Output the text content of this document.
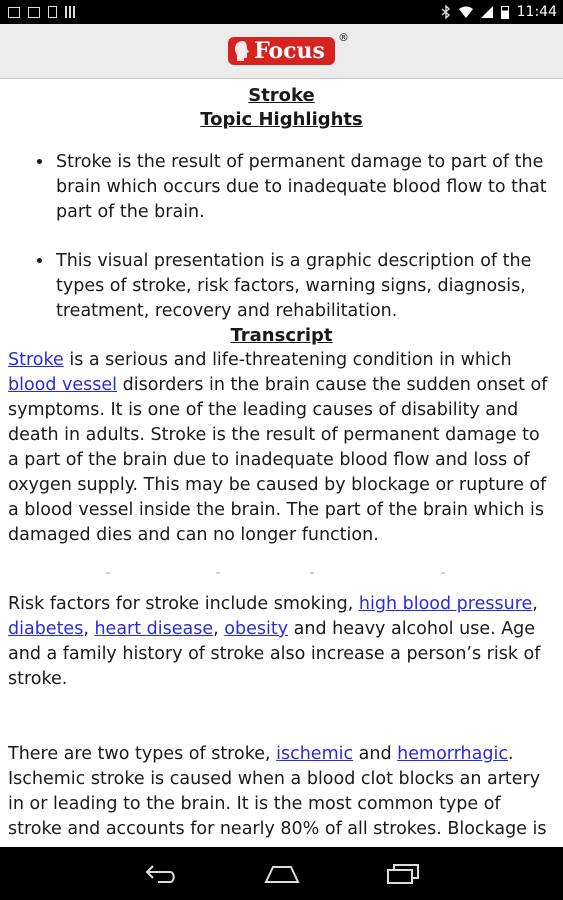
11:44
Focus
®
Stroke
Topic Highlights
• Stroke is the result of permanent damage to part of the brain which occurs due to inadequate blood flow to that part of the brain.
• This visual presentation is a graphic description of the types of stroke, risk factors, warning signs, diagnosis, treatment, recovery and rehabilitation.
Transcript

Stroke is a serious and life-threatening condition in which blood vessel disorders in the brain cause the sudden onset of symptoms. It is one of the leading causes of disability and death in adults. Stroke is the result of permanent damage to a part of the brain due to inadequate blood flow and loss of oxygen supply. This may be caused by blockage or rupture of a blood vessel inside the brain. The part of the brain which is damaged dies and can no longer function.

Risk factors for stroke include smoking, high blood pressure, diabetes, heart disease, obesity and heavy alcohol use. Age and a family history of stroke also increase a person’s risk of stroke.

There are two types of stroke, ischemic and hemorrhagic. Ischemic stroke is caused when a blood clot blocks an artery in or leading to the brain. It is the most common type of stroke and accounts for nearly 80% of all strokes. Blockage is
